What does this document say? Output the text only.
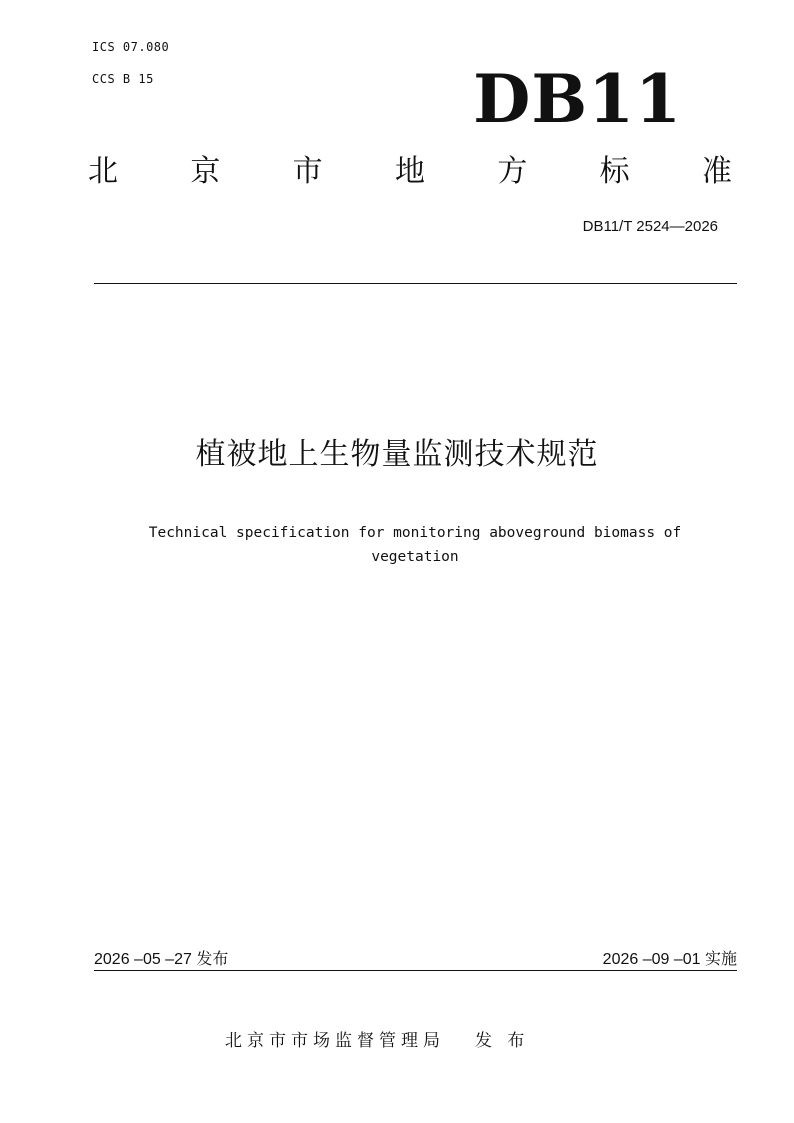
ICS 07.080
CCS B 15	DB11
北 京 市 地 方 标 准
DB11/T 2524—2026
植被地上生物量监测技术规范
Technical specification for monitoring aboveground biomass of
vegetation
2026 –05 –27 发布	2026 –09 –01 实施
北京市市场监督管理局 发 布
